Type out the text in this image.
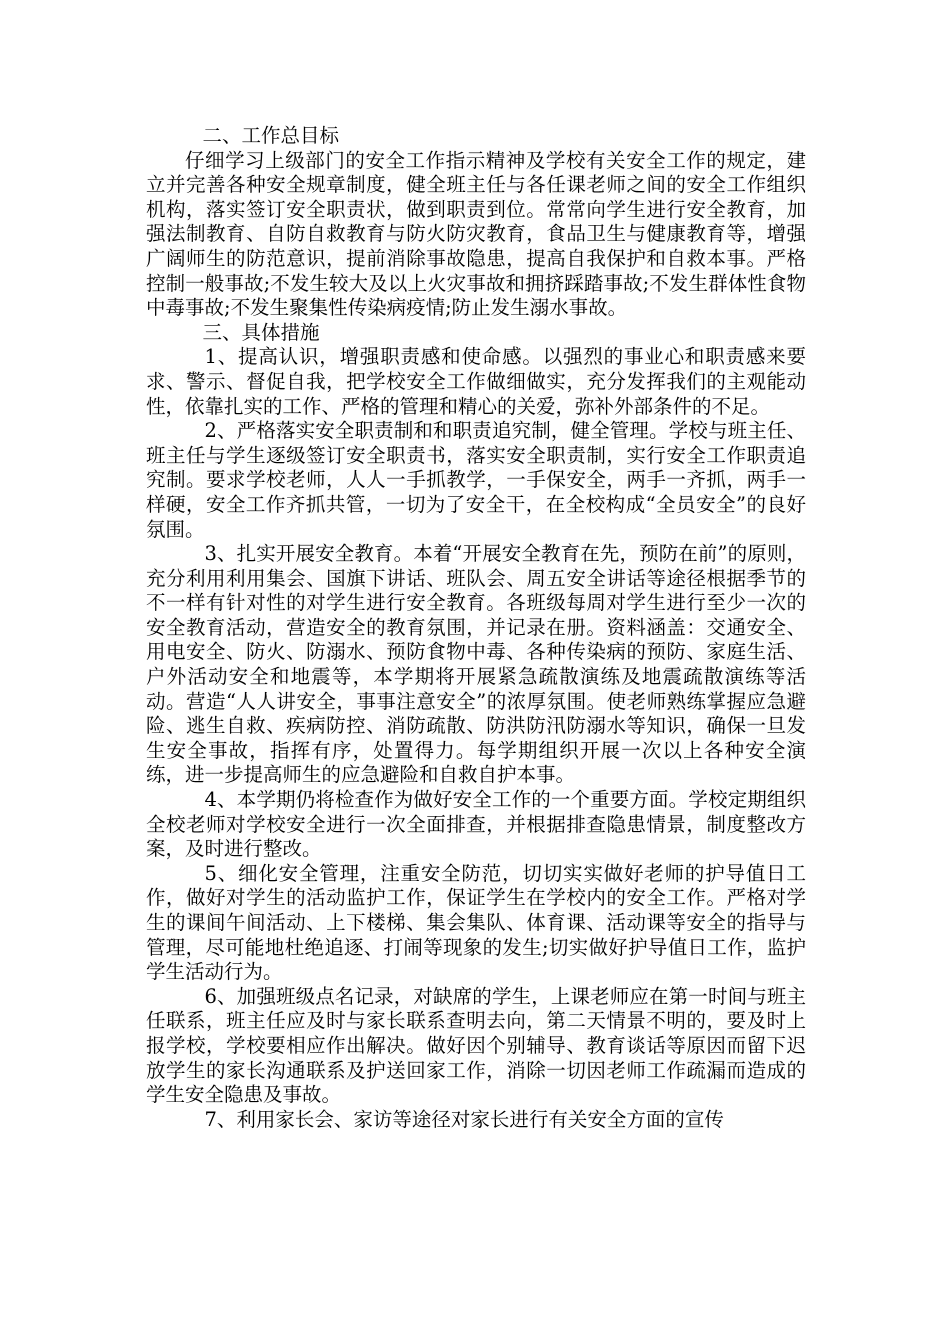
二、工作总目标

仔细学习上级部门的安全工作指示精神及学校有关安全工作的规定，建立并完善各种安全规章制度，健全班主任与各任课老师之间的安全工作组织机构，落实签订安全职责状，做到职责到位。常常向学生进行安全教育，加强法制教育、自防自救教育与防火防灾教育，食品卫生与健康教育等，增强广阔师生的防范意识，提前消除事故隐患，提高自我保护和自救本事。严格控制一般事故;不发生较大及以上火灾事故和拥挤踩踏事故;不发生群体性食物中毒事故;不发生聚集性传染病疫情;防止发生溺水事故。

三、具体措施

1、提高认识，增强职责感和使命感。以强烈的事业心和职责感来要求、警示、督促自我，把学校安全工作做细做实，充分发挥我们的主观能动性，依靠扎实的工作、严格的管理和精心的关爱，弥补外部条件的不足。

2、严格落实安全职责制和和职责追究制，健全管理。学校与班主任、班主任与学生逐级签订安全职责书，落实安全职责制，实行安全工作职责追究制。要求学校老师，人人一手抓教学，一手保安全，两手一齐抓，两手一样硬，安全工作齐抓共管，一切为了安全干，在全校构成“全员安全”的良好氛围。

3、扎实开展安全教育。本着“开展安全教育在先，预防在前”的原则，充分利用利用集会、国旗下讲话、班队会、周五安全讲话等途径根据季节的不一样有针对性的对学生进行安全教育。各班级每周对学生进行至少一次的安全教育活动，营造安全的教育氛围，并记录在册。资料涵盖：交通安全、用电安全、防火、防溺水、预防食物中毒、各种传染病的预防、家庭生活、户外活动安全和地震等，本学期将开展紧急疏散演练及地震疏散演练等活动。营造“人人讲安全，事事注意安全”的浓厚氛围。使老师熟练掌握应急避险、逃生自救、疾病防控、消防疏散、防洪防汛防溺水等知识，确保一旦发生安全事故，指挥有序，处置得力。每学期组织开展一次以上各种安全演练，进一步提高师生的应急避险和自救自护本事。

4、本学期仍将检查作为做好安全工作的一个重要方面。学校定期组织全校老师对学校安全进行一次全面排查，并根据排查隐患情景，制度整改方案，及时进行整改。

5、细化安全管理，注重安全防范，切切实实做好老师的护导值日工作，做好对学生的活动监护工作，保证学生在学校内的安全工作。严格对学生的课间午间活动、上下楼梯、集会集队、体育课、活动课等安全的指导与管理，尽可能地杜绝追逐、打闹等现象的发生;切实做好护导值日工作，监护学生活动行为。

6、加强班级点名记录，对缺席的学生，上课老师应在第一时间与班主任联系，班主任应及时与家长联系查明去向，第二天情景不明的，要及时上报学校，学校要相应作出解决。做好因个别辅导、教育谈话等原因而留下迟放学生的家长沟通联系及护送回家工作，消除一切因老师工作疏漏而造成的学生安全隐患及事故。

7、利用家长会、家访等途径对家长进行有关安全方面的宣传
